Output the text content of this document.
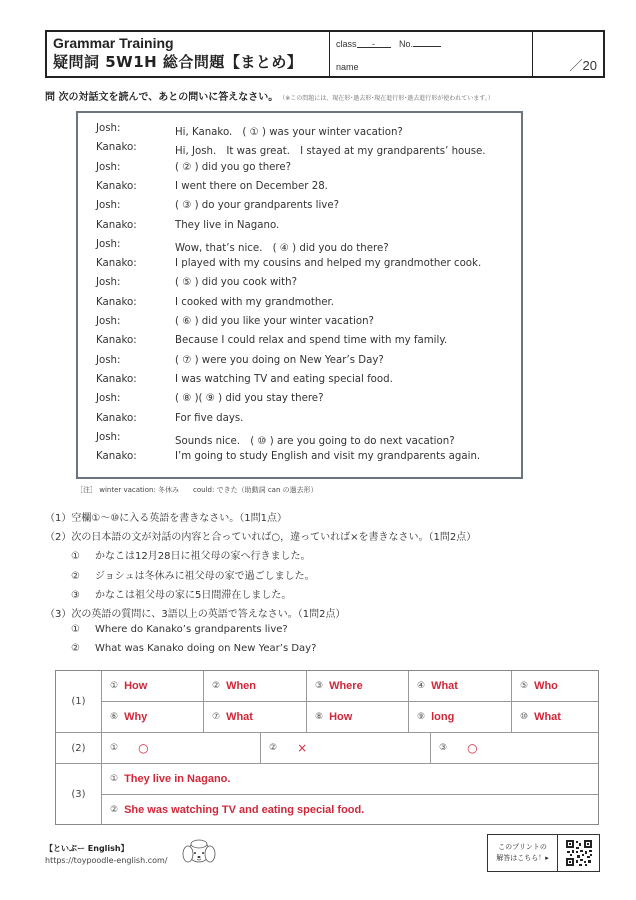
Grammar Training
疑問詞 5W1H 総合問題【まとめ】
class -	No.
name	／20
問 次の対話文を読んで、あとの問いに答えなさい。 （※この問題には、現在形･過去形･現在進行形･過去進行形が使われています。）
Josh:	Hi, Kanako.　( ① ) was your winter vacation?
Kanako:	Hi, Josh.　It was great.　I stayed at my grandparents’ house.
Josh:	( ② ) did you go there?
Kanako:	I went there on December 28.
Josh:	( ③ ) do your grandparents live?
Kanako:	They live in Nagano.
Josh:	Wow, that’s nice.　( ④ ) did you do there?
Kanako:	I played with my cousins and helped my grandmother cook.
Josh:	( ⑤ ) did you cook with?
Kanako:	I cooked with my grandmother.
Josh:	( ⑥ ) did you like your winter vacation?
Kanako:	Because I could relax and spend time with my family.
Josh:	( ⑦ ) were you doing on New Year’s Day?
Kanako:	I was watching TV and eating special food.
Josh:	( ⑧ )( ⑨ ) did you stay there?
Kanako:	For five days.
Josh:	Sounds nice.　( ⑩ ) are you going to do next vacation?
Kanako:	I’m going to study English and visit my grandparents again.
［注］ winter vacation: 冬休み　　could: できた（助動詞 can の過去形）
（1）空欄①～⑩に入る英語を書きなさい。（1問1点）
（2）次の日本語の文が対話の内容と合っていれば○，違っていれば×を書きなさい。（1問2点）
① かなこは12月28日に祖父母の家へ行きました。
② ジョシュは冬休みに祖父母の家で過ごしました。
③ かなこは祖父母の家に5日間滞在しました。
（3）次の英語の質問に、3語以上の英語で答えなさい。（1問2点）
① Where do Kanako’s grandparents live?
② What was Kanako doing on New Year’s Day?
(1)
① How	② When	③ Where	④ What	⑤ Who
⑥ Why	⑦ What	⑧ How	⑨ long	⑩ What
(2)	① ○	② ×	③ ○
(3)
① They live in Nagano.
② She was watching TV and eating special food.
【といぷー English】
https://toypoodle-english.com/
このプリントの
解答はこちら！▸
